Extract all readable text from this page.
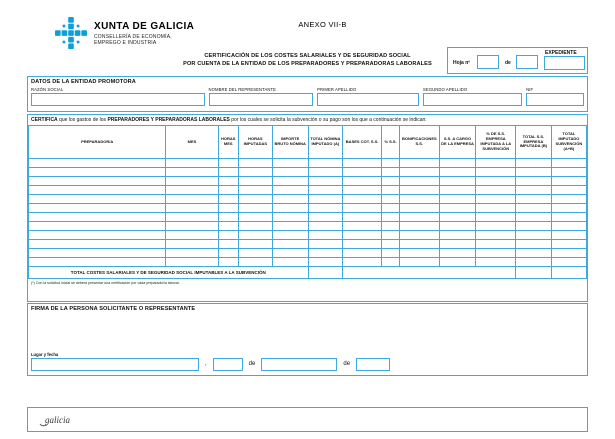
XUNTA DE GALICIA
CONSELLERÍA DE ECONOMÍA,
EMPREGO E INDUSTRIA
ANEXO VII-B
CERTIFICACIÓN DE LOS COSTES SALARIALES Y DE SEGURIDAD SOCIAL
POR CUENTA DE LA ENTIDAD DE LOS PREPARADORES Y PREPARADORAS LABORALES	Hoja nº	de
EXPEDIENTE
DATOS DE LA ENTIDAD PROMOTORA
RAZÓN SOCIAL	NOMBRE DEL REPRESENTANTE	PRIMER APELLIDO	SEGUNDO APELLIDO	NIF
CERTIFICA que los gastos de los PREPARADORES Y PREPARADORAS LABORALES por los cuales se solicita la subvención o su pago son los que a continuación se indican:
PREPARADOR/A	MES	HORAS MES	HORAS IMPUTADAS	IMPORTE BRUTO NÓMINA	TOTAL NÓMINA IMPUTADO (A)	BASES COT. S.S.	% S.S.	BONIFICACIONES S.S.	S.S. A CARGO DE LA EMPRESA	% DE S.S. EMPRESA IMPUTADA A LA SUBVENCIÓN	TOTAL S.S. EMPRESA IMPUTADA (B)	TOTAL IMPUTADO SUBVENCIÓN (A+B)

TOTAL COSTES SALARIALES Y DE SEGURIDAD SOCIAL IMPUTABLES A LA SUBVENCIÓN												
(*) Con la solicitud inicial se deberá presentar una certificación por cada preparador/a laboral.
FIRMA DE LA PERSONA SOLICITANTE O REPRESENTANTE
Lugar y fecha
,	de	de
galicia
